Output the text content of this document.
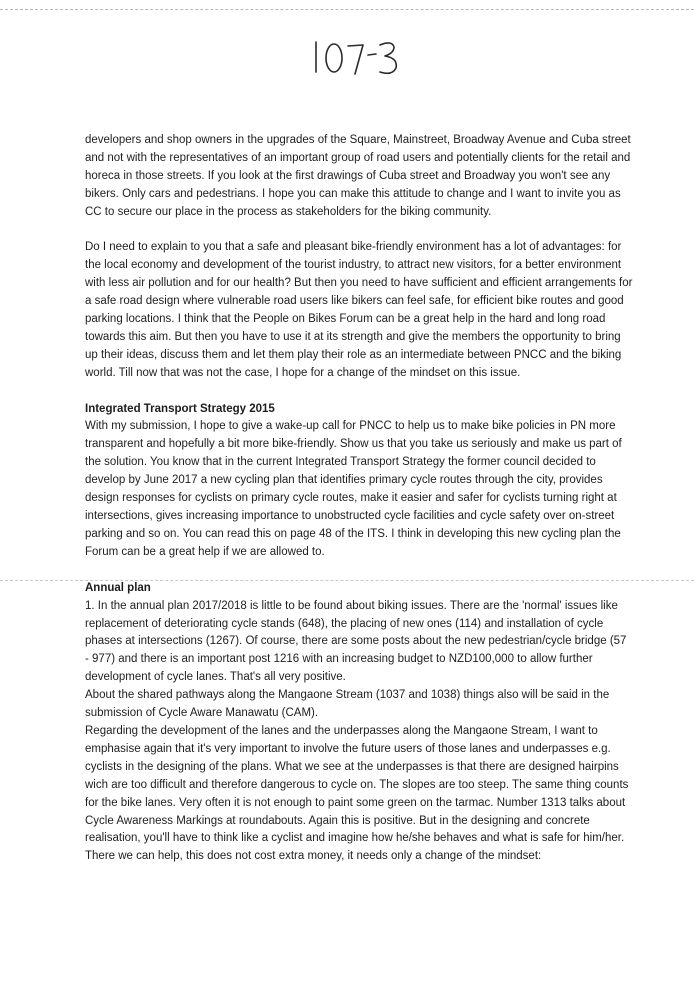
developers and shop owners in the upgrades of the Square, Mainstreet, Broadway Avenue and Cuba street and not with the representatives of an important group of road users and potentially clients for the retail and horeca in those streets. If you look at the first drawings of Cuba street and Broadway you won't see any bikers. Only cars and pedestrians. I hope you can make this attitude to change and I want to invite you as CC to secure our place in the process as stakeholders for the biking community.

Do I need to explain to you that a safe and pleasant bike-friendly environment has a lot of advantages: for the local economy and development of the tourist industry, to attract new visitors, for a better environment with less air pollution and for our health? But then you need to have sufficient and efficient arrangements for a safe road design where vulnerable road users like bikers can feel safe, for efficient bike routes and good parking locations. I think that the People on Bikes Forum can be a great help in the hard and long road towards this aim. But then you have to use it at its strength and give the members the opportunity to bring up their ideas, discuss them and let them play their role as an intermediate between PNCC and the biking world. Till now that was not the case, I hope for a change of the mindset on this issue.

Integrated Transport Strategy 2015

With my submission, I hope to give a wake-up call for PNCC to help us to make bike policies in PN more transparent and hopefully a bit more bike-friendly. Show us that you take us seriously and make us part of the solution. You know that in the current Integrated Transport Strategy the former council decided to develop by June 2017 a new cycling plan that identifies primary cycle routes through the city, provides design responses for cyclists on primary cycle routes, make it easier and safer for cyclists turning right at intersections, gives increasing importance to unobstructed cycle facilities and cycle safety over on-street parking and so on. You can read this on page 48 of the ITS. I think in developing this new cycling plan the Forum can be a great help if we are allowed to.

Annual plan

1. In the annual plan 2017/2018 is little to be found about biking issues. There are the 'normal' issues like replacement of deteriorating cycle stands (648), the placing of new ones (114) and installation of cycle phases at intersections (1267). Of course, there are some posts about the new pedestrian/cycle bridge (57 - 977) and there is an important post 1216 with an increasing budget to NZD100,000 to allow further development of cycle lanes. That's all very positive.

About the shared pathways along the Mangaone Stream (1037 and 1038) things also will be said in the submission of Cycle Aware Manawatu (CAM).

Regarding the development of the lanes and the underpasses along the Mangaone Stream, I want to emphasise again that it's very important to involve the future users of those lanes and underpasses e.g. cyclists in the designing of the plans. What we see at the underpasses is that there are designed hairpins wich are too difficult and therefore dangerous to cycle on. The slopes are too steep. The same thing counts for the bike lanes. Very often it is not enough to paint some green on the tarmac. Number 1313 talks about Cycle Awareness Markings at roundabouts. Again this is positive. But in the designing and concrete realisation, you'll have to think like a cyclist and imagine how he/she behaves and what is safe for him/her. There we can help, this does not cost extra money, it needs only a change of the mindset:
